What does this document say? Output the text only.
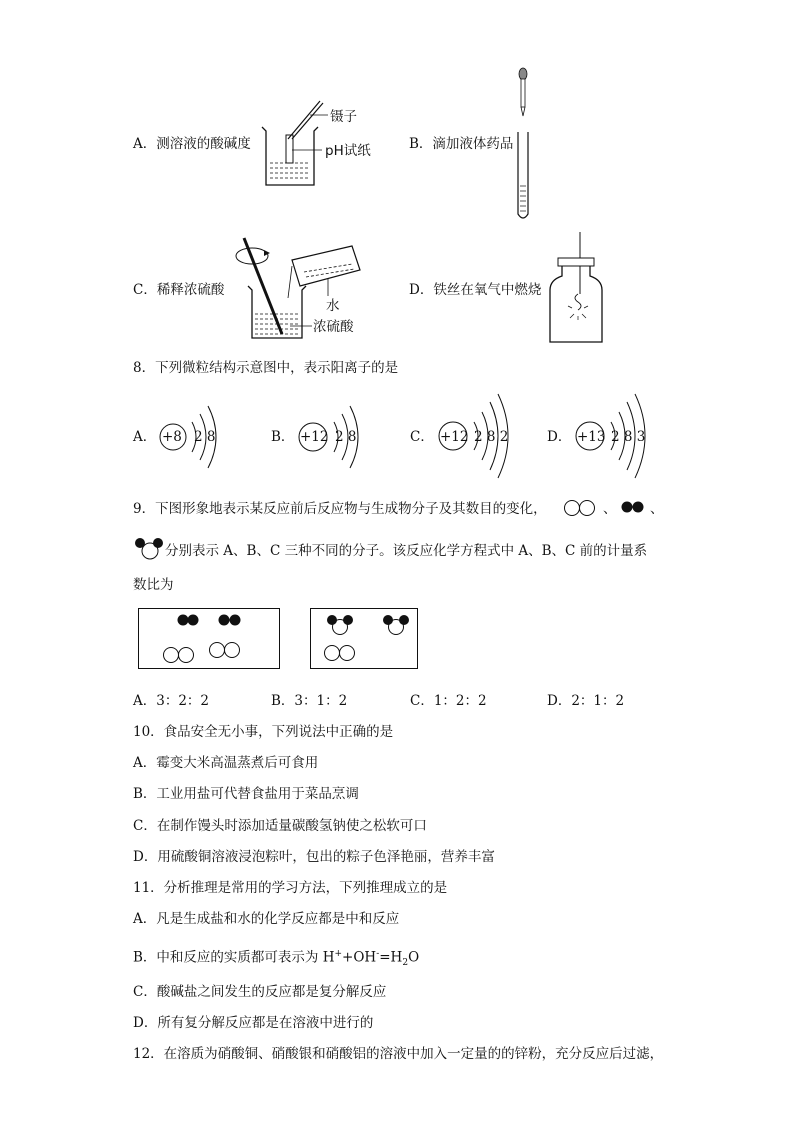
A．测溶液的酸碱度
镊子
pH试纸	B．滴加液体药品
C．稀释浓硫酸
水
浓硫酸
D．铁丝在氧气中燃烧
8．下列微粒结构示意图中，表示阳离子的是
A． +8 2 8	B． +12 2 8	C． +12 2 8 2	D． +13 2 8 3
9．下图形象地表示某反应前后反应物与生成物分子及其数目的变化，	、 、
分别表示 A、B、C 三种不同的分子。该反应化学方程式中 A、B、C 前的计量系
数比为
A．3：2：2	B．3：1：2	C．1：2：2	D．2：1：2
10．食品安全无小事，下列说法中正确的是
A．霉变大米高温蒸煮后可食用
B．工业用盐可代替食盐用于菜品烹调
C．在制作馒头时添加适量碳酸氢钠使之松软可口
D．用硫酸铜溶液浸泡粽叶，包出的粽子色泽艳丽，营养丰富
11．分析推理是常用的学习方法，下列推理成立的是
A．凡是生成盐和水的化学反应都是中和反应
B．中和反应的实质都可表示为 $H^++OH^-=H_2O$
C．酸碱盐之间发生的反应都是复分解反应
D．所有复分解反应都是在溶液中进行的
12．在溶质为硝酸铜、硝酸银和硝酸铝的溶液中加入一定量的的锌粉，充分反应后过滤，
